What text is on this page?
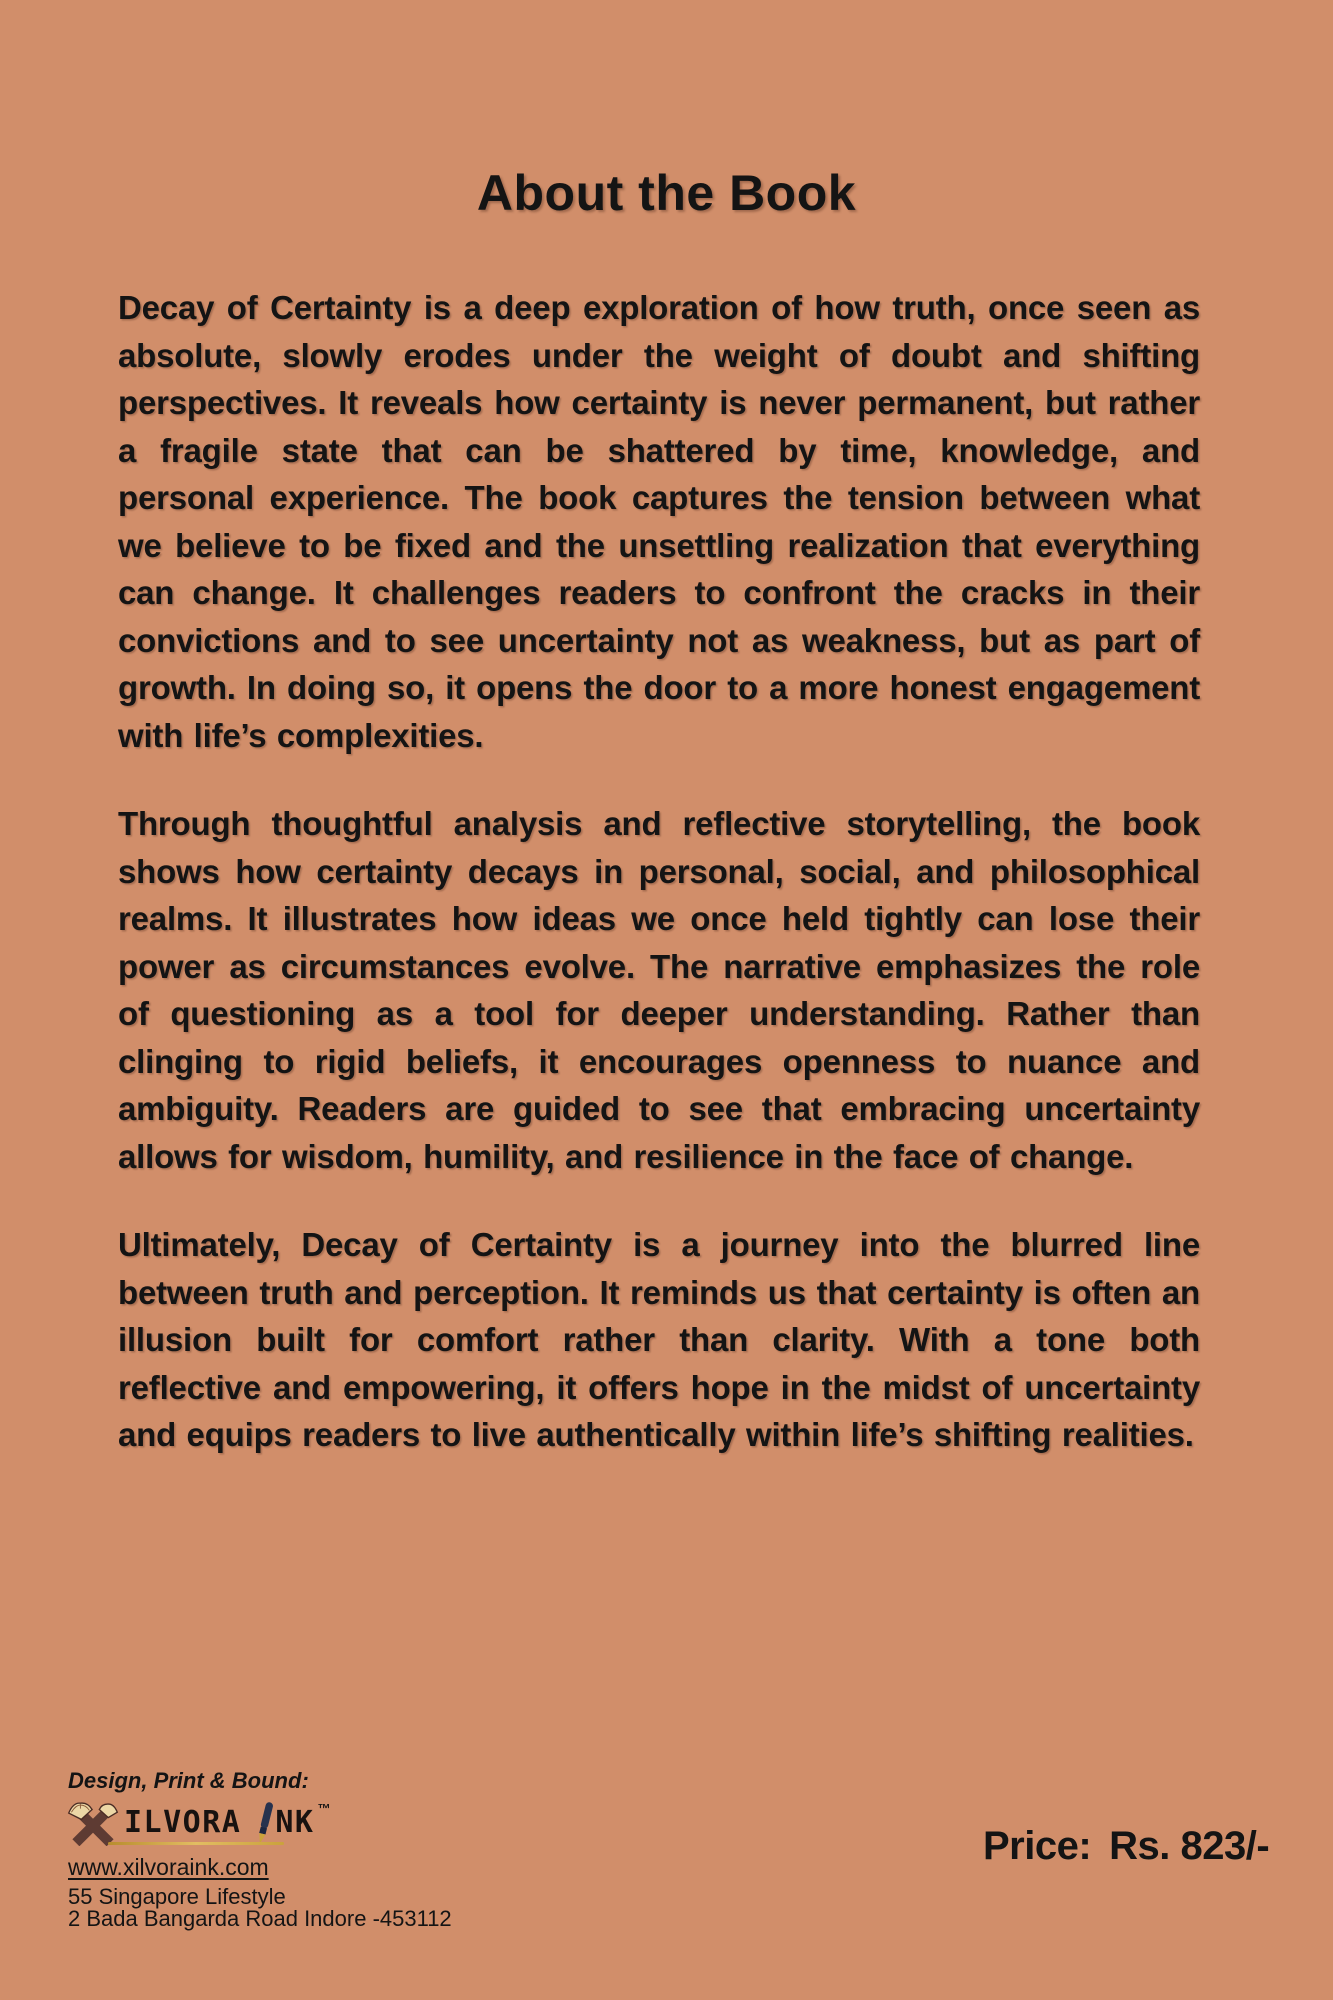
About the Book

Decay of Certainty is a deep exploration of how truth, once seen as absolute, slowly erodes under the weight of doubt and shifting perspectives. It reveals how certainty is never permanent, but rather a fragile state that can be shattered by time, knowledge, and personal experience. The book captures the tension between what we believe to be fixed and the unsettling realization that everything can change. It challenges readers to confront the cracks in their convictions and to see uncertainty not as weakness, but as part of growth. In doing so, it opens the door to a more honest engagement with life’s complexities.

Through thoughtful analysis and reflective storytelling, the book shows how certainty decays in personal, social, and philosophical realms. It illustrates how ideas we once held tightly can lose their power as circumstances evolve. The narrative emphasizes the role of questioning as a tool for deeper understanding. Rather than clinging to rigid beliefs, it encourages openness to nuance and ambiguity. Readers are guided to see that embracing uncertainty allows for wisdom, humility, and resilience in the face of change.

Ultimately, Decay of Certainty is a journey into the blurred line between truth and perception. It reminds us that certainty is often an illusion built for comfort rather than clarity. With a tone both reflective and empowering, it offers hope in the midst of uncertainty and equips readers to live authentically within life’s shifting realities.

Design, Print & Bound:
ILVORA NK ™
www.xilvoraink.com
55 Singapore Lifestyle
2 Bada Bangarda Road Indore -453112
Price: Rs. 823/-
